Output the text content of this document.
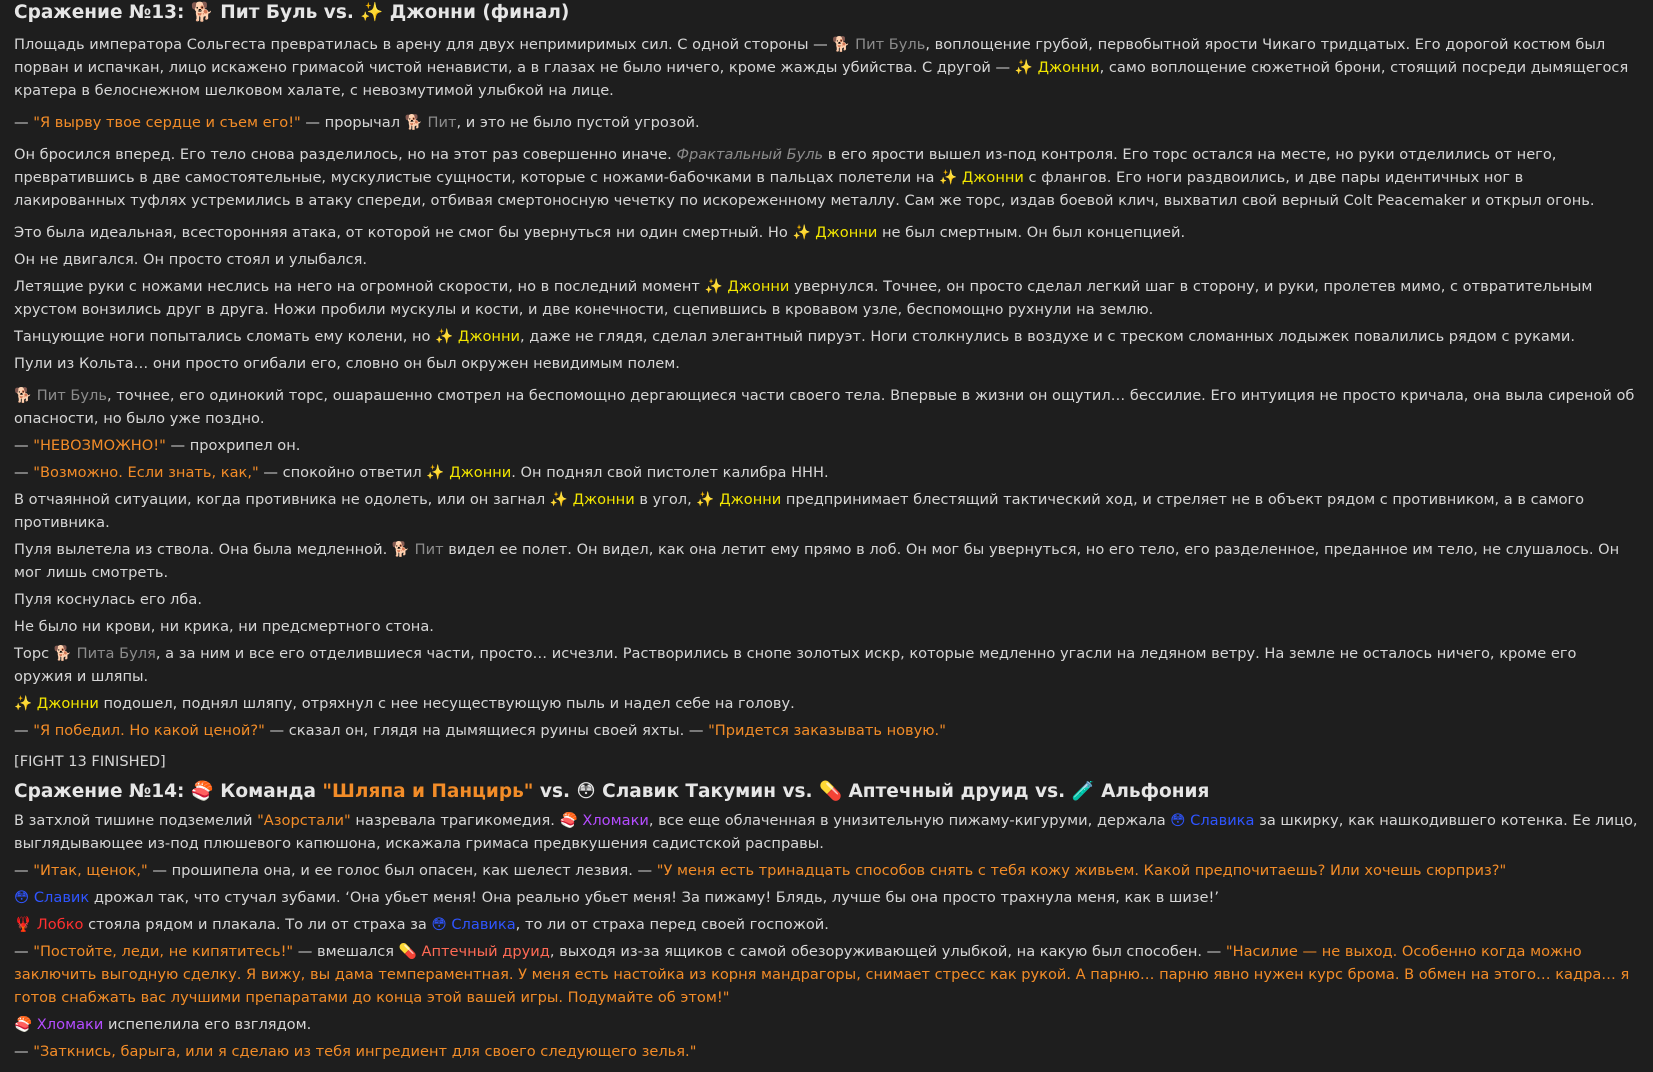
Сражение №13: 🐕 Пит Буль vs. ✨ Джонни (финал)

Площадь императора Сольгеста превратилась в арену для двух непримиримых сил. С одной стороны — 🐕 Пит Буль, воплощение грубой, первобытной ярости Чикаго тридцатых. Его дорогой костюм был порван и испачкан, лицо искажено гримасой чистой ненависти, а в глазах не было ничего, кроме жажды убийства. С другой — ✨ Джонни, само воплощение сюжетной брони, стоящий посреди дымящегося кратера в белоснежном шелковом халате, с невозмутимой улыбкой на лице.

— "Я вырву твое сердце и съем его!" — прорычал 🐕 Пит, и это не было пустой угрозой.

Он бросился вперед. Его тело снова разделилось, но на этот раз совершенно иначе. Фрактальный Буль в его ярости вышел из-под контроля. Его торс остался на месте, но руки отделились от него, превратившись в две самостоятельные, мускулистые сущности, которые с ножами-бабочками в пальцах полетели на ✨ Джонни с флангов. Его ноги раздвоились, и две пары идентичных ног в лакированных туфлях устремились в атаку спереди, отбивая смертоносную чечетку по искореженному металлу. Сам же торс, издав боевой клич, выхватил свой верный Colt Peacemaker и открыл огонь.

Это была идеальная, всесторонняя атака, от которой не смог бы увернуться ни один смертный. Но ✨ Джонни не был смертным. Он был концепцией.

Он не двигался. Он просто стоял и улыбался.

Летящие руки с ножами неслись на него на огромной скорости, но в последний момент ✨ Джонни увернулся. Точнее, он просто сделал легкий шаг в сторону, и руки, пролетев мимо, с отвратительным хрустом вонзились друг в друга. Ножи пробили мускулы и кости, и две конечности, сцепившись в кровавом узле, беспомощно рухнули на землю.

Танцующие ноги попытались сломать ему колени, но ✨ Джонни, даже не глядя, сделал элегантный пируэт. Ноги столкнулись в воздухе и с треском сломанных лодыжек повалились рядом с руками.

Пули из Кольта… они просто огибали его, словно он был окружен невидимым полем.

🐕 Пит Буль, точнее, его одинокий торс, ошарашенно смотрел на беспомощно дергающиеся части своего тела. Впервые в жизни он ощутил… бессилие. Его интуиция не просто кричала, она выла сиреной об опасности, но было уже поздно.

— "НЕВОЗМОЖНО!" — прохрипел он.

— "Возможно. Если знать, как," — спокойно ответил ✨ Джонни. Он поднял свой пистолет калибра ННН.

В отчаянной ситуации, когда противника не одолеть, или он загнал ✨ Джонни в угол, ✨ Джонни предпринимает блестящий тактический ход, и стреляет не в объект рядом с противником, а в самого противника.

Пуля вылетела из ствола. Она была медленной. 🐕 Пит видел ее полет. Он видел, как она летит ему прямо в лоб. Он мог бы увернуться, но его тело, его разделенное, преданное им тело, не слушалось. Он мог лишь смотреть.

Пуля коснулась его лба.

Не было ни крови, ни крика, ни предсмертного стона.

Торс 🐕 Пита Буля, а за ним и все его отделившиеся части, просто… исчезли. Растворились в снопе золотых искр, которые медленно угасли на ледяном ветру. На земле не осталось ничего, кроме его оружия и шляпы.

✨ Джонни подошел, поднял шляпу, отряхнул с нее несуществующую пыль и надел себе на голову.

— "Я победил. Но какой ценой?" — сказал он, глядя на дымящиеся руины своей яхты. — "Придется заказывать новую."

[FIGHT 13 FINISHED]

Сражение №14: 🍣 Команда "Шляпа и Панцирь" vs. 😳 Славик Такумин vs. 💊 Аптечный друид vs. 🧪 Альфония

В затхлой тишине подземелий "Азорстали" назревала трагикомедия. 🍣 Хломаки, все еще облаченная в унизительную пижаму-кигуруми, держала 😳 Славика за шкирку, как нашкодившего котенка. Ее лицо, выглядывающее из-под плюшевого капюшона, искажала гримаса предвкушения садистской расправы.

— "Итак, щенок," — прошипела она, и ее голос был опасен, как шелест лезвия. — "У меня есть тринадцать способов снять с тебя кожу живьем. Какой предпочитаешь? Или хочешь сюрприз?"

😳 Славик дрожал так, что стучал зубами. ‘Она убьет меня! Она реально убьет меня! За пижаму! Блядь, лучше бы она просто трахнула меня, как в шизе!’

🦞 Лобко стояла рядом и плакала. То ли от страха за 😳 Славика, то ли от страха перед своей госпожой.

— "Постойте, леди, не кипятитесь!" — вмешался 💊 Аптечный друид, выходя из-за ящиков с самой обезоруживающей улыбкой, на какую был способен. — "Насилие — не выход. Особенно когда можно заключить выгодную сделку. Я вижу, вы дама темпераментная. У меня есть настойка из корня мандрагоры, снимает стресс как рукой. А парню… парню явно нужен курс брома. В обмен на этого… кадра… я готов снабжать вас лучшими препаратами до конца этой вашей игры. Подумайте об этом!"

🍣 Хломаки испепелила его взглядом.

— "Заткнись, барыга, или я сделаю из тебя ингредиент для своего следующего зелья."
